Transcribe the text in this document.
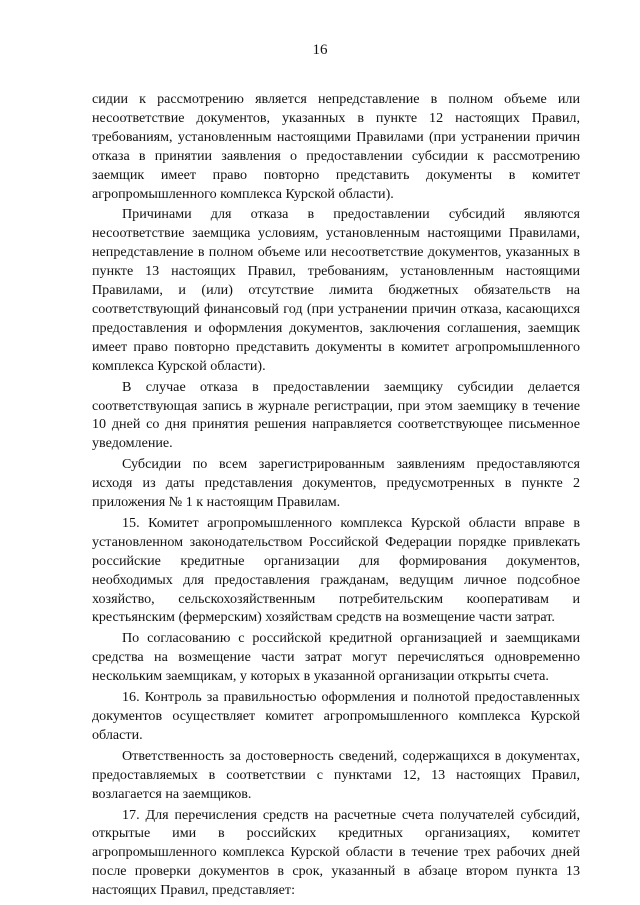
16

сидии к рассмотрению является непредставление в полном объеме или несоответствие документов, указанных в пункте 12 настоящих Правил, требованиям, установленным настоящими Правилами (при устранении причин отказа в принятии заявления о предоставлении субсидии к рассмотрению заемщик имеет право повторно представить документы в комитет агропромышленного комплекса Курской области).

Причинами для отказа в предоставлении субсидий являются несоответствие заемщика условиям, установленным настоящими Правилами, непредставление в полном объеме или несоответствие документов, указанных в пункте 13 настоящих Правил, требованиям, установленным настоящими Правилами, и (или) отсутствие лимита бюджетных обязательств на соответствующий финансовый год (при устранении причин отказа, касающихся предоставления и оформления документов, заключения соглашения, заемщик имеет право повторно представить документы в комитет агропромышленного комплекса Курской области).

В случае отказа в предоставлении заемщику субсидии делается соответствующая запись в журнале регистрации, при этом заемщику в течение 10 дней со дня принятия решения направляется соответствующее письменное уведомление.

Субсидии по всем зарегистрированным заявлениям предоставляются исходя из даты представления документов, предусмотренных в пункте 2 приложения № 1 к настоящим Правилам.

15. Комитет агропромышленного комплекса Курской области вправе в установленном законодательством Российской Федерации порядке привлекать российские кредитные организации для формирования документов, необходимых для предоставления гражданам, ведущим личное подсобное хозяйство, сельскохозяйственным потребительским кооперативам и крестьянским (фермерским) хозяйствам средств на возмещение части затрат.

По согласованию с российской кредитной организацией и заемщиками средства на возмещение части затрат могут перечисляться одновременно нескольким заемщикам, у которых в указанной организации открыты счета.

16. Контроль за правильностью оформления и полнотой предоставленных документов осуществляет комитет агропромышленного комплекса Курской области.

Ответственность за достоверность сведений, содержащихся в документах, предоставляемых в соответствии с пунктами 12, 13 настоящих Правил, возлагается на заемщиков.

17. Для перечисления средств на расчетные счета получателей субсидий, открытые ими в российских кредитных организациях, комитет агропромышленного комплекса Курской области в течение трех рабочих дней после проверки документов в срок, указанный в абзаце втором пункта 13 настоящих Правил, представляет:
